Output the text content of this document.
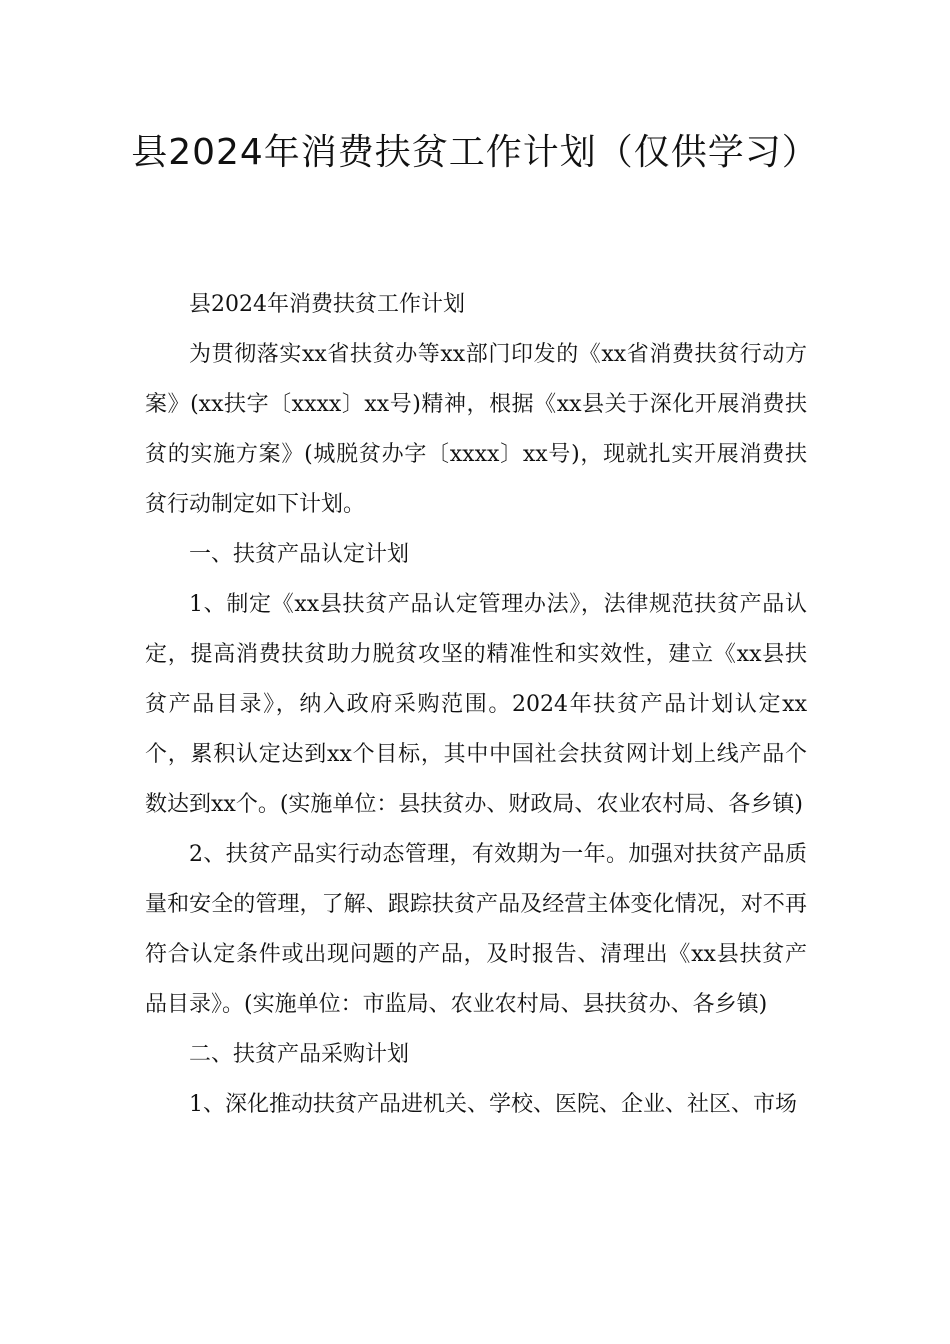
县2024年消费扶贫工作计划（仅供学习）

县2024年消费扶贫工作计划

为贯彻落实xx省扶贫办等xx部门印发的《xx省消费扶贫行动方案》(xx扶字〔xxxx〕xx号)精神，根据《xx县关于深化开展消费扶贫的实施方案》(城脱贫办字〔xxxx〕xx号)，现就扎实开展消费扶贫行动制定如下计划。

一、扶贫产品认定计划

1、制定《xx县扶贫产品认定管理办法》，法律规范扶贫产品认定，提高消费扶贫助力脱贫攻坚的精准性和实效性，建立《xx县扶贫产品目录》，纳入政府采购范围。2024年扶贫产品计划认定xx个，累积认定达到xx个目标，其中中国社会扶贫网计划上线产品个数达到xx个。(实施单位：县扶贫办、财政局、农业农村局、各乡镇)

2、扶贫产品实行动态管理，有效期为一年。加强对扶贫产品质量和安全的管理，了解、跟踪扶贫产品及经营主体变化情况，对不再符合认定条件或出现问题的产品，及时报告、清理出《xx县扶贫产品目录》。(实施单位：市监局、农业农村局、县扶贫办、各乡镇)

二、扶贫产品采购计划

1、深化推动扶贫产品进机关、学校、医院、企业、社区、市场
